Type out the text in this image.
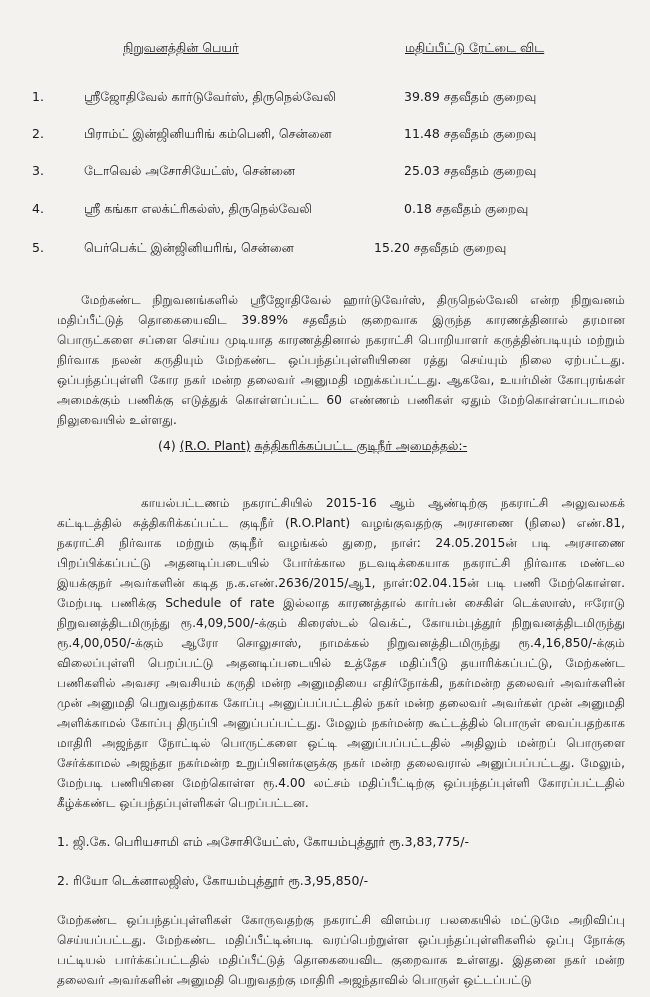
நிறுவனத்தின் பெயர்	மதிப்பீட்டு ரேட்டை விட
1.	ஸ்ரீஜோதிவேல் கார்டுவேர்ஸ், திருநெல்வேலி	39.89 சதவீதம் குறைவு
2.	பிராம்ட் இன்ஜினியரிங் கம்பெனி, சென்னை	11.48 சதவீதம் குறைவு
3.	டோவெல் அசோசியேட்ஸ், சென்னை	25.03 சதவீதம் குறைவு
4.	ஸ்ரீ கங்கா எலக்ட்ரிகல்ஸ், திருநெல்வேலி	0.18 சதவீதம் குறைவு
5.	பெர்பெக்ட் இன்ஜினியரிங், சென்னை	15.20 சதவீதம் குறைவு

மேற்கண்ட நிறுவனங்களில் ஸ்ரீஜோதிவேல் ஹார்டுவேர்ஸ், திருநெல்வேலி என்ற நிறுவனம் மதிப்பீட்டுத் தொகையைவிட 39.89% சதவீதம் குறைவாக இருந்த காரணத்தினால் தரமான பொருட்களை சப்ளை செய்ய முடியாத காரணத்தினால் நகராட்சி பொறியாளர் கருத்தின்படியும் மற்றும் நிர்வாக நலன் கருதியும் மேற்கண்ட ஒப்பந்தப்புள்ளியினை ரத்து செய்யும் நிலை ஏற்பட்டது. ஒப்பந்தப்புள்ளி கோர நகர் மன்ற தலைவர் அனுமதி மறுக்கப்பட்டது. ஆகவே, உயர்மின் கோபுரங்கள் அமைக்கும் பணிக்கு எடுத்துக் கொள்ளப்பட்ட 60 எண்ணம் பணிகள் ஏதும் மேற்கொள்ளப்படாமல் நிலுவையில் உள்ளது.

(4) (R.O. Plant) சுத்திகரிக்கப்பட்ட குடிநீர் அமைத்தல்:-

காயல்பட்டணம் நகராட்சியில் 2015-16 ஆம் ஆண்டிற்கு நகராட்சி அலுவலகக் கட்டிடத்தில் சுத்திகரிக்கப்பட்ட குடிநீர் (R.O.Plant) வழங்குவதற்கு அரசாணை (நிலை) எண்.81, நகராட்சி நிர்வாக மற்றும் குடிநீர் வழங்கல் துறை, நாள்: 24.05.2015ன் படி அரசாணை பிறப்பிக்கப்பட்டு அதனடிப்படையில் போர்க்கால நடவடிக்கையாக நகராட்சி நிர்வாக மண்டல இயக்குநர் அவர்களின் கடித ந.க.எண்.2636/2015/ஆ1, நாள்:02.04.15ன் படி பணி மேற்கொள்ள. மேற்படி பணிக்கு Schedule of rate இல்லாத காரணத்தால் கார்பன் சைகிள் டெக்ஸாஸ், ஈரோடு நிறுவனத்திடமிருந்து ரூ.4,09,500/-க்கும் கிரைஸ்டல் வெக்ட், கோயம்புத்தூர் நிறுவனத்திடமிருந்து ரூ.4,00,050/-க்கும் ஆரோ சொலுசாஸ், நாமக்கல் நிறுவனத்திடமிருந்து ரூ.4,16,850/-க்கும் விலைப்புள்ளி பெறப்பட்டு அதனடிப்படையில் உத்தேச மதிப்பீடு தயாரிக்கப்பட்டு, மேற்கண்ட பணிகளில் அவசர அவசியம் கருதி மன்ற அனுமதியை எதிர்நோக்கி, நகர்மன்ற தலைவர் அவர்களின் முன் அனுமதி பெறுவதற்காக கோப்பு அனுப்பப்பட்டதில் நகர் மன்ற தலைவர் அவர்கள் முன் அனுமதி அளிக்காமல் கோப்பு திருப்பி அனுப்பப்பட்டது. மேலும் நகர்மன்ற கூட்டத்தில் பொருள் வைப்பதற்காக மாதிரி அஜந்தா நோட்டில் பொருட்களை ஒட்டி அனுப்பப்பட்டதில் அதிலும் மன்றப் பொருளை சேர்க்காமல் அஜந்தா நகர்மன்ற உறுப்பினர்களுக்கு நகர் மன்ற தலைவரால் அனுப்பப்பட்டது. மேலும், மேற்படி பணியினை மேற்கொள்ள ரூ.4.00 லட்சம் மதிப்பீட்டிற்கு ஒப்பந்தப்புள்ளி கோரப்பட்டதில் கீழ்க்கண்ட ஒப்பந்தப்புள்ளிகள் பெறப்பட்டன.

1. ஜி.கே. பெரியசாமி எம் அசோசியேட்ஸ், கோயம்புத்தூர் ரூ.3,83,775/-
2. ரியோ டெக்னாலஜிஸ், கோயம்புத்தூர் ரூ.3,95,850/-

மேற்கண்ட ஒப்பந்தப்புள்ளிகள் கோருவதற்கு நகராட்சி விளம்பர பலகையில் மட்டுமே அறிவிப்பு செய்யப்பட்டது. மேற்கண்ட மதிப்பீட்டின்படி வரப்பெற்றுள்ள ஒப்பந்தப்புள்ளிகளில் ஒப்பு நோக்கு பட்டியல் பார்க்கப்பட்டதில் மதிப்பீட்டுத் தொகையைவிட குறைவாக உள்ளது. இதனை நகர் மன்ற தலைவர் அவர்களின் அனுமதி பெறுவதற்கு மாதிரி அஜந்தாவில் பொருள் ஒட்டப்பட்டு
